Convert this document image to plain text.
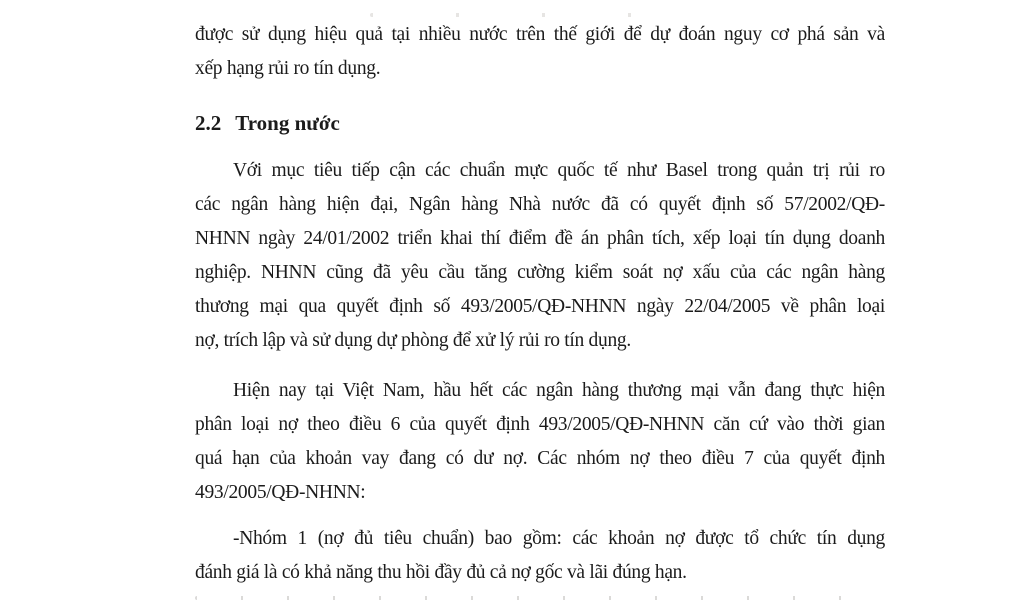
được sử dụng hiệu quả tại nhiều nước trên thế giới để dự đoán nguy cơ phá sản và
xếp hạng rủi ro tín dụng.
2.2 Trong nước
Với mục tiêu tiếp cận các chuẩn mực quốc tế như Basel trong quản trị rủi ro
các ngân hàng hiện đại, Ngân hàng Nhà nước đã có quyết định số 57/2002/QĐ-
NHNN ngày 24/01/2002 triển khai thí điểm đề án phân tích, xếp loại tín dụng doanh
nghiệp. NHNN cũng đã yêu cầu tăng cường kiểm soát nợ xấu của các ngân hàng
thương mại qua quyết định số 493/2005/QĐ-NHNN ngày 22/04/2005 về phân loại
nợ, trích lập và sử dụng dự phòng để xử lý rủi ro tín dụng.
Hiện nay tại Việt Nam, hầu hết các ngân hàng thương mại vẫn đang thực hiện
phân loại nợ theo điều 6 của quyết định 493/2005/QĐ-NHNN căn cứ vào thời gian
quá hạn của khoản vay đang có dư nợ. Các nhóm nợ theo điều 7 của quyết định
493/2005/QĐ-NHNN:
-Nhóm 1 (nợ đủ tiêu chuẩn) bao gồm: các khoản nợ được tổ chức tín dụng
đánh giá là có khả năng thu hồi đầy đủ cả nợ gốc và lãi đúng hạn.
